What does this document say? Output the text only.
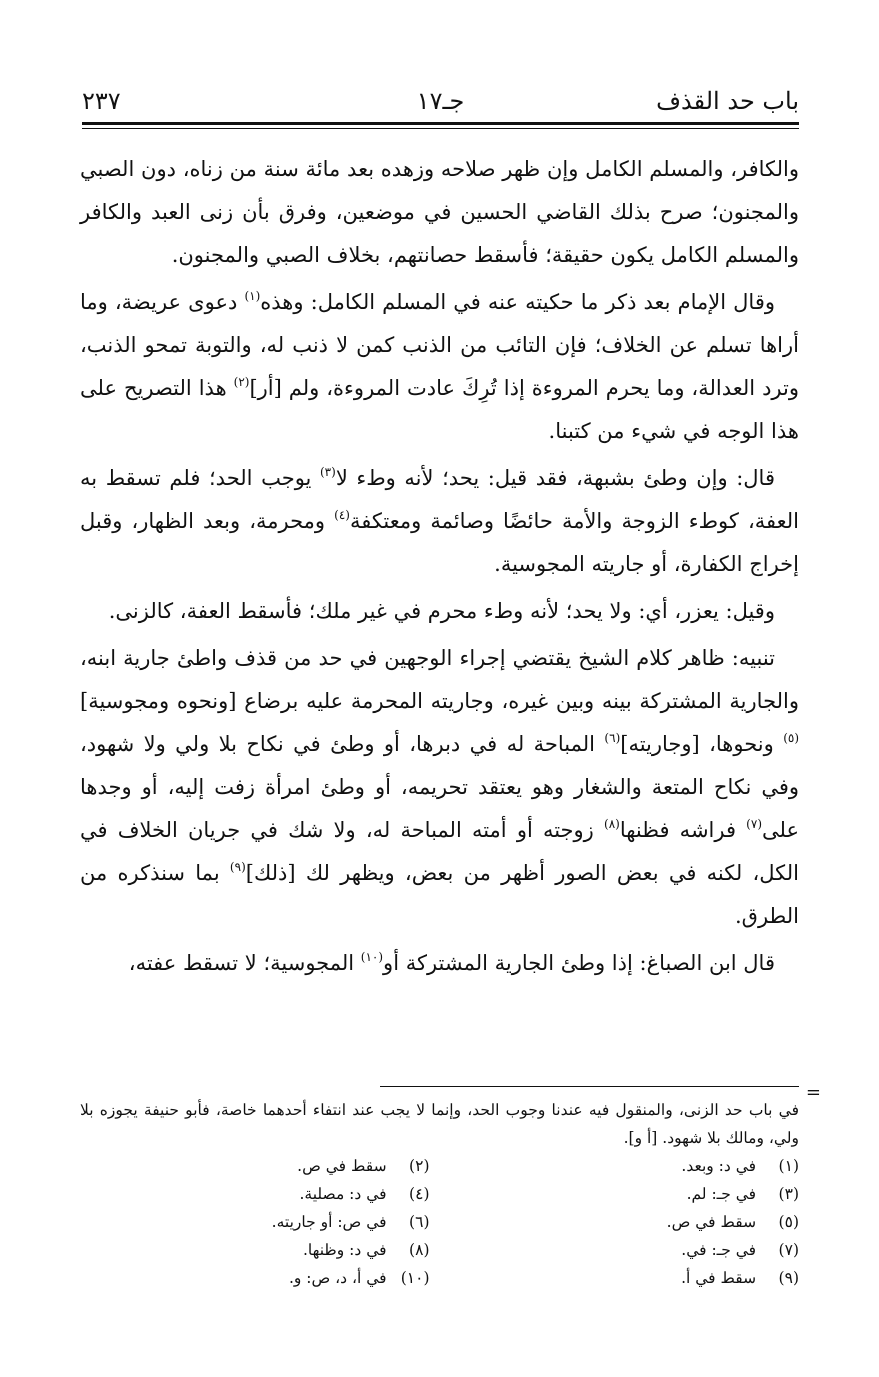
باب حد القذف
جـ١٧
٢٣٧

والكافر، والمسلم الكامل وإن ظهر صلاحه وزهده بعد مائة سنة من زناه، دون الصبي والمجنون؛ صرح بذلك القاضي الحسين في موضعين، وفرق بأن زنى العبد والكافر والمسلم الكامل يكون حقيقة؛ فأسقط حصانتهم، بخلاف الصبي والمجنون.

وقال الإمام بعد ذكر ما حكيته عنه في المسلم الكامل: وهذه$^{(١)}$ دعوى عريضة، وما أراها تسلم عن الخلاف؛ فإن التائب من الذنب كمن لا ذنب له، والتوبة تمحو الذنب، وترد العدالة، وما يحرم المروءة إذا تُرِكَ عادت المروءة، ولم [أر]$^{(٢)}$ هذا التصريح على هذا الوجه في شيء من كتبنا.

قال: وإن وطئ بشبهة، فقد قيل: يحد؛ لأنه وطء لا$^{(٣)}$ يوجب الحد؛ فلم تسقط به العفة، كوطء الزوجة والأمة حائضًا وصائمة ومعتكفة$^{(٤)}$ ومحرمة، وبعد الظهار، وقبل إخراج الكفارة، أو جاريته المجوسية.

وقيل: يعزر، أي: ولا يحد؛ لأنه وطء محرم في غير ملك؛ فأسقط العفة، كالزنى.

تنبيه: ظاهر كلام الشيخ يقتضي إجراء الوجهين في حد من قذف واطئ جارية ابنه، والجارية المشتركة بينه وبين غيره، وجاريته المحرمة عليه برضاع [ونحوه ومجوسية]$^{(٥)}$ ونحوها، [وجاريته]$^{(٦)}$ المباحة له في دبرها، أو وطئ في نكاح بلا ولي ولا شهود، وفي نكاح المتعة والشغار وهو يعتقد تحريمه، أو وطئ امرأة زفت إليه، أو وجدها على$^{(٧)}$ فراشه فظنها$^{(٨)}$ زوجته أو أمته المباحة له، ولا شك في جريان الخلاف في الكل، لكنه في بعض الصور أظهر من بعض، ويظهر لك [ذلك]$^{(٩)}$ بما سنذكره من الطرق.

قال ابن الصباغ: إذا وطئ الجارية المشتركة أو$^{(١٠)}$ المجوسية؛ لا تسقط عفته،

=

في باب حد الزنى، والمنقول فيه عندنا وجوب الحد، وإنما لا يجب عند انتفاء أحدهما خاصة، فأبو حنيفة يجوزه بلا ولي، ومالك بلا شهود. [أ و].

(١) في د: وبعد.

(٢) سقط في ص.

(٣) في جـ: لم.

(٤) في د: مصلية.

(٥) سقط في ص.

(٦) في ص: أو جاريته.

(٧) في جـ: في.

(٨) في د: وظنها.

(٩) سقط في أ.

(١٠) في أ، د، ص: و.
